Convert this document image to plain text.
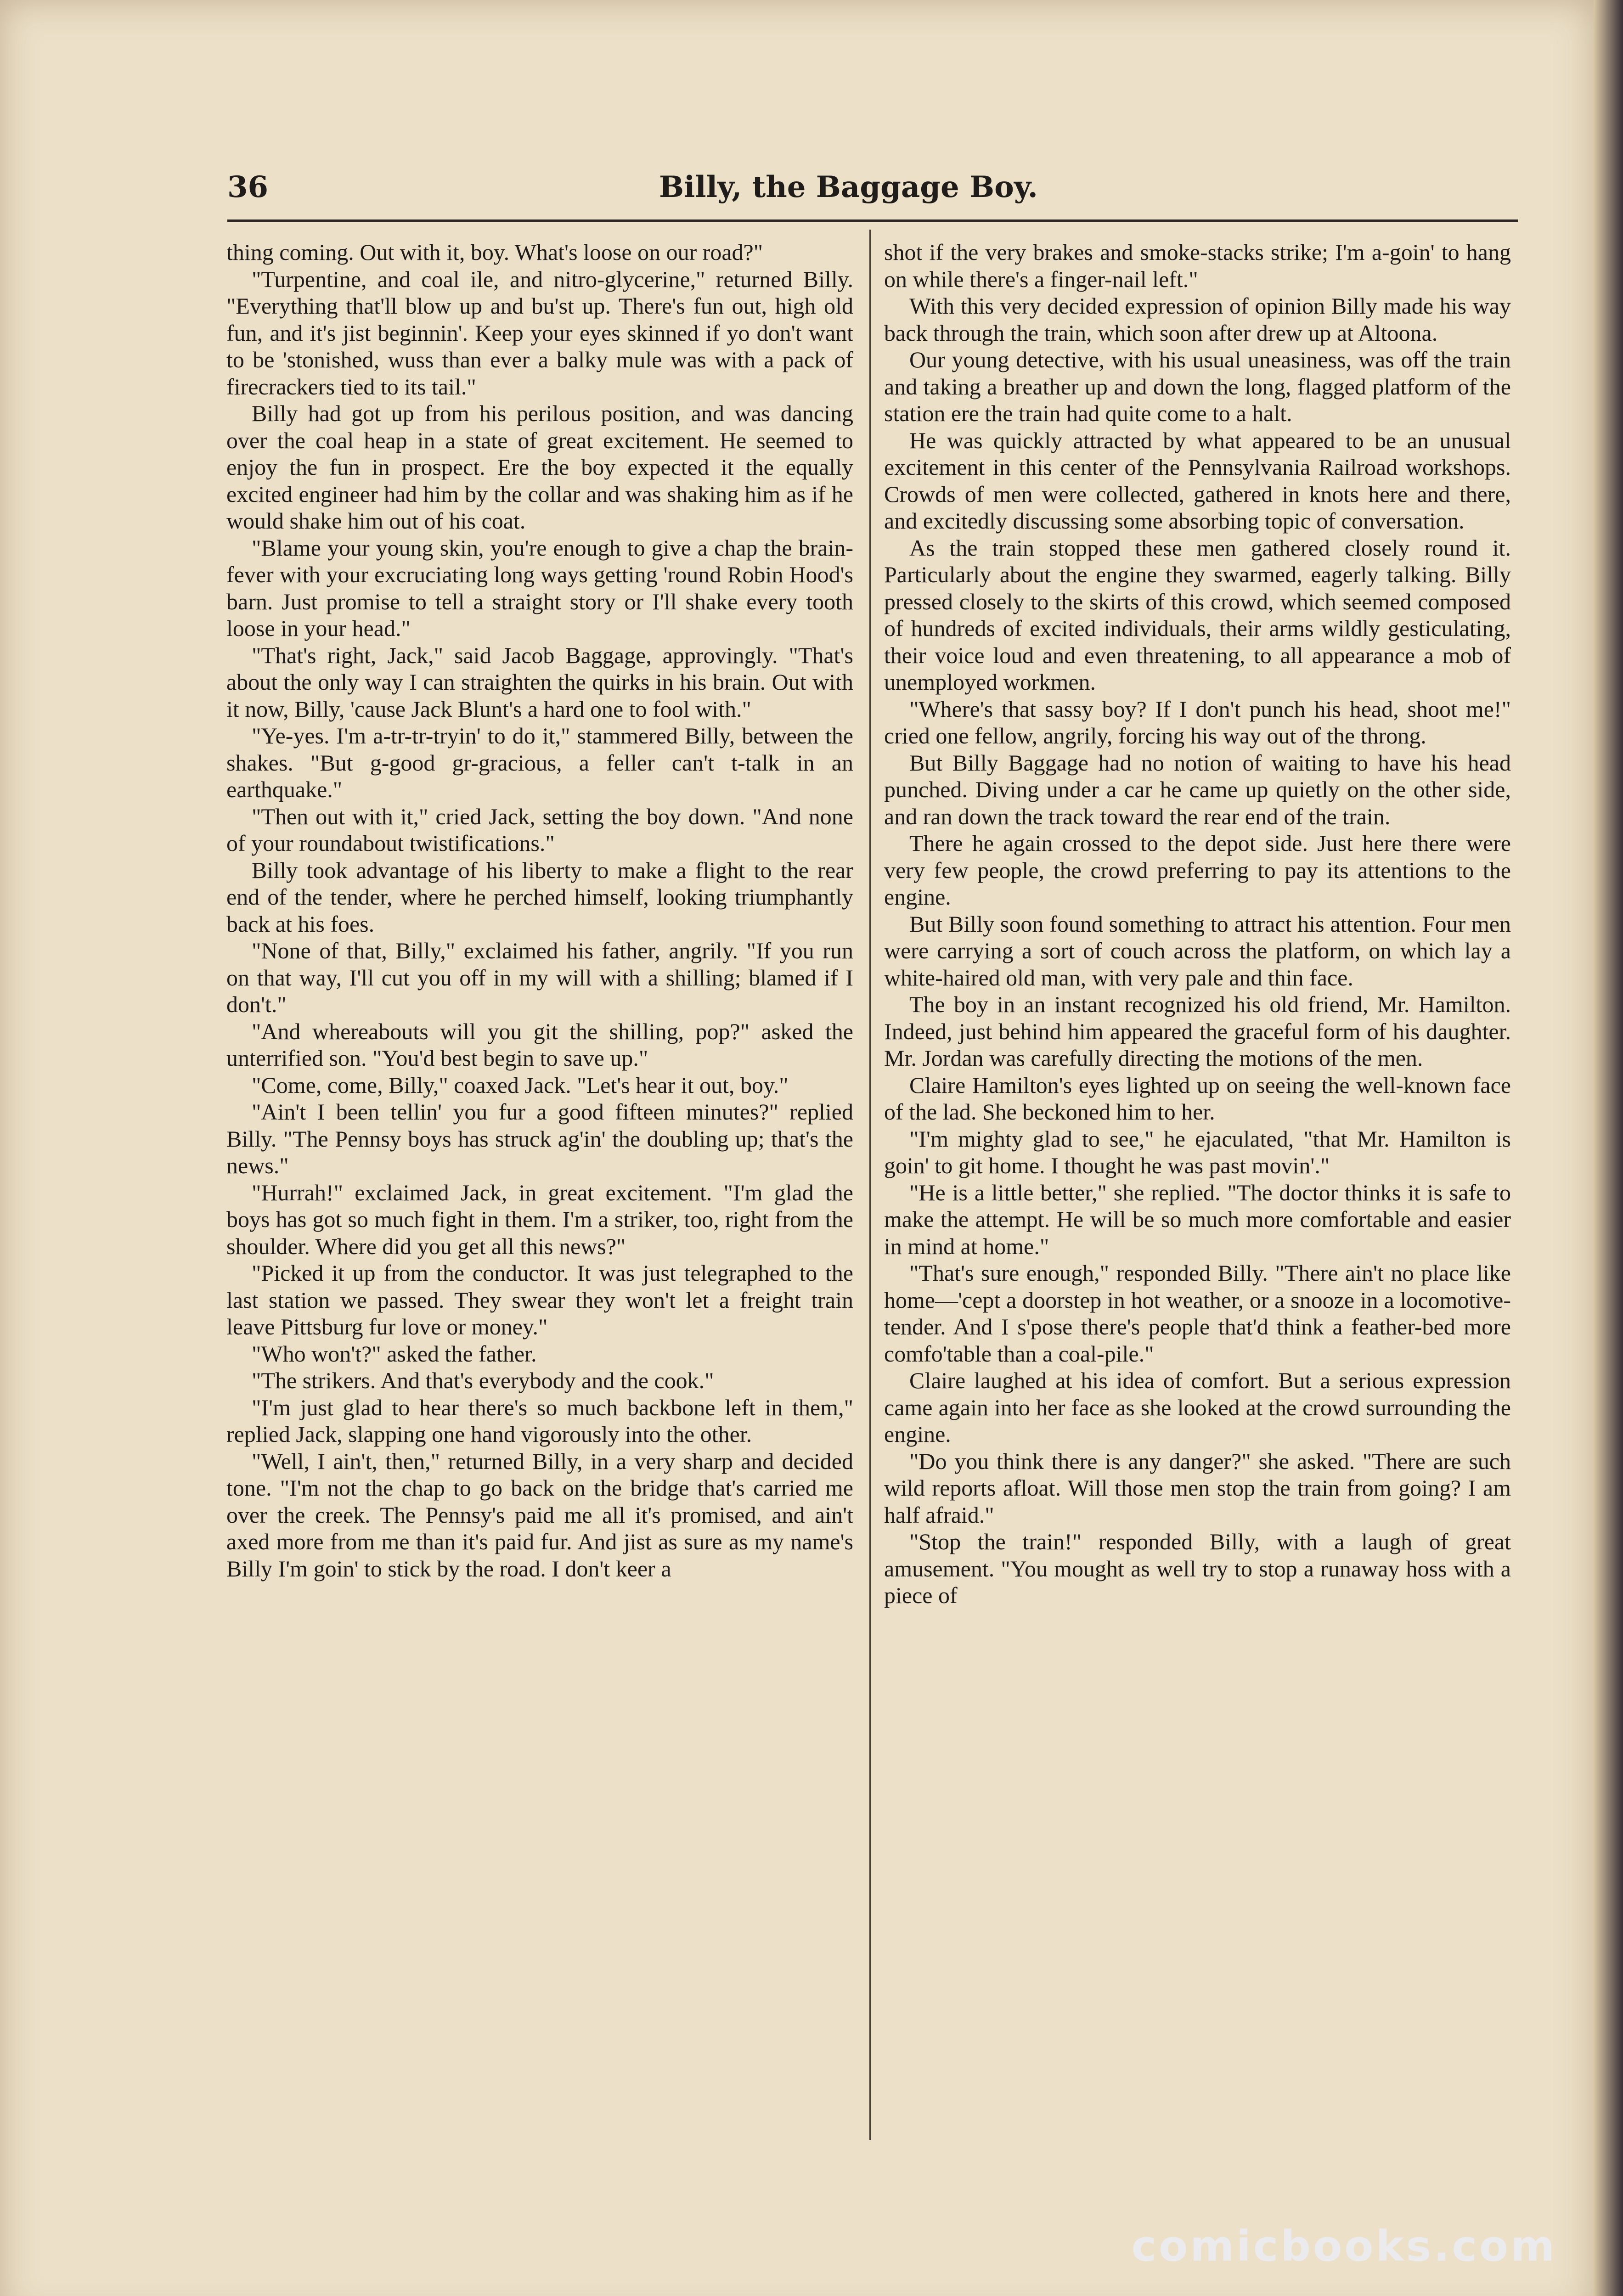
36	Billy, the Baggage Boy.

thing coming. Out with it, boy. What's loose on our road?"

"Turpentine, and coal ile, and nitro-glycerine," returned Billy. "Everything that'll blow up and bu'st up. There's fun out, high old fun, and it's jist beginnin'. Keep your eyes skinned if yo don't want to be 'stonished, wuss than ever a balky mule was with a pack of firecrackers tied to its tail."

Billy had got up from his perilous position, and was dancing over the coal heap in a state of great excitement. He seemed to enjoy the fun in prospect. Ere the boy expected it the equally excited engineer had him by the collar and was shaking him as if he would shake him out of his coat.

"Blame your young skin, you're enough to give a chap the brain-fever with your excruciating long ways getting 'round Robin Hood's barn. Just promise to tell a straight story or I'll shake every tooth loose in your head."

"That's right, Jack," said Jacob Baggage, approvingly. "That's about the only way I can straighten the quirks in his brain. Out with it now, Billy, 'cause Jack Blunt's a hard one to fool with."

"Ye-yes. I'm a-tr-tr-tryin' to do it," stammered Billy, between the shakes. "But g-good gr-gracious, a feller can't t-talk in an earthquake."

"Then out with it," cried Jack, setting the boy down. "And none of your roundabout twistifications."

Billy took advantage of his liberty to make a flight to the rear end of the tender, where he perched himself, looking triumphantly back at his foes.

"None of that, Billy," exclaimed his father, angrily. "If you run on that way, I'll cut you off in my will with a shilling; blamed if I don't."

"And whereabouts will you git the shilling, pop?" asked the unterrified son. "You'd best begin to save up."

"Come, come, Billy," coaxed Jack. "Let's hear it out, boy."

"Ain't I been tellin' you fur a good fifteen minutes?" replied Billy. "The Pennsy boys has struck ag'in' the doubling up; that's the news."

"Hurrah!" exclaimed Jack, in great excitement. "I'm glad the boys has got so much fight in them. I'm a striker, too, right from the shoulder. Where did you get all this news?"

"Picked it up from the conductor. It was just telegraphed to the last station we passed. They swear they won't let a freight train leave Pittsburg fur love or money."

"Who won't?" asked the father.

"The strikers. And that's everybody and the cook."

"I'm just glad to hear there's so much backbone left in them," replied Jack, slapping one hand vigorously into the other.

"Well, I ain't, then," returned Billy, in a very sharp and decided tone. "I'm not the chap to go back on the bridge that's carried me over the creek. The Pennsy's paid me all it's promised, and ain't axed more from me than it's paid fur. And jist as sure as my name's Billy I'm goin' to stick by the road. I don't keer a

shot if the very brakes and smoke-stacks strike; I'm a-goin' to hang on while there's a finger-nail left."

With this very decided expression of opinion Billy made his way back through the train, which soon after drew up at Altoona.

Our young detective, with his usual uneasiness, was off the train and taking a breather up and down the long, flagged platform of the station ere the train had quite come to a halt.

He was quickly attracted by what appeared to be an unusual excitement in this center of the Pennsylvania Railroad workshops. Crowds of men were collected, gathered in knots here and there, and excitedly discussing some absorbing topic of conversation.

As the train stopped these men gathered closely round it. Particularly about the engine they swarmed, eagerly talking. Billy pressed closely to the skirts of this crowd, which seemed composed of hundreds of excited individuals, their arms wildly gesticulating, their voice loud and even threatening, to all appearance a mob of unemployed workmen.

"Where's that sassy boy? If I don't punch his head, shoot me!" cried one fellow, angrily, forcing his way out of the throng.

But Billy Baggage had no notion of waiting to have his head punched. Diving under a car he came up quietly on the other side, and ran down the track toward the rear end of the train.

There he again crossed to the depot side. Just here there were very few people, the crowd preferring to pay its attentions to the engine.

But Billy soon found something to attract his attention. Four men were carrying a sort of couch across the platform, on which lay a white-haired old man, with very pale and thin face.

The boy in an instant recognized his old friend, Mr. Hamilton. Indeed, just behind him appeared the graceful form of his daughter. Mr. Jordan was carefully directing the motions of the men.

Claire Hamilton's eyes lighted up on seeing the well-known face of the lad. She beckoned him to her.

"I'm mighty glad to see," he ejaculated, "that Mr. Hamilton is goin' to git home. I thought he was past movin'."

"He is a little better," she replied. "The doctor thinks it is safe to make the attempt. He will be so much more comfortable and easier in mind at home."

"That's sure enough," responded Billy. "There ain't no place like home—'cept a doorstep in hot weather, or a snooze in a locomotive-tender. And I s'pose there's people that'd think a feather-bed more comfo'table than a coal-pile."

Claire laughed at his idea of comfort. But a serious expression came again into her face as she looked at the crowd surrounding the engine.

"Do you think there is any danger?" she asked. "There are such wild reports afloat. Will those men stop the train from going? I am half afraid."

"Stop the train!" responded Billy, with a laugh of great amusement. "You mought as well try to stop a runaway hoss with a piece of

comicbooks.com
